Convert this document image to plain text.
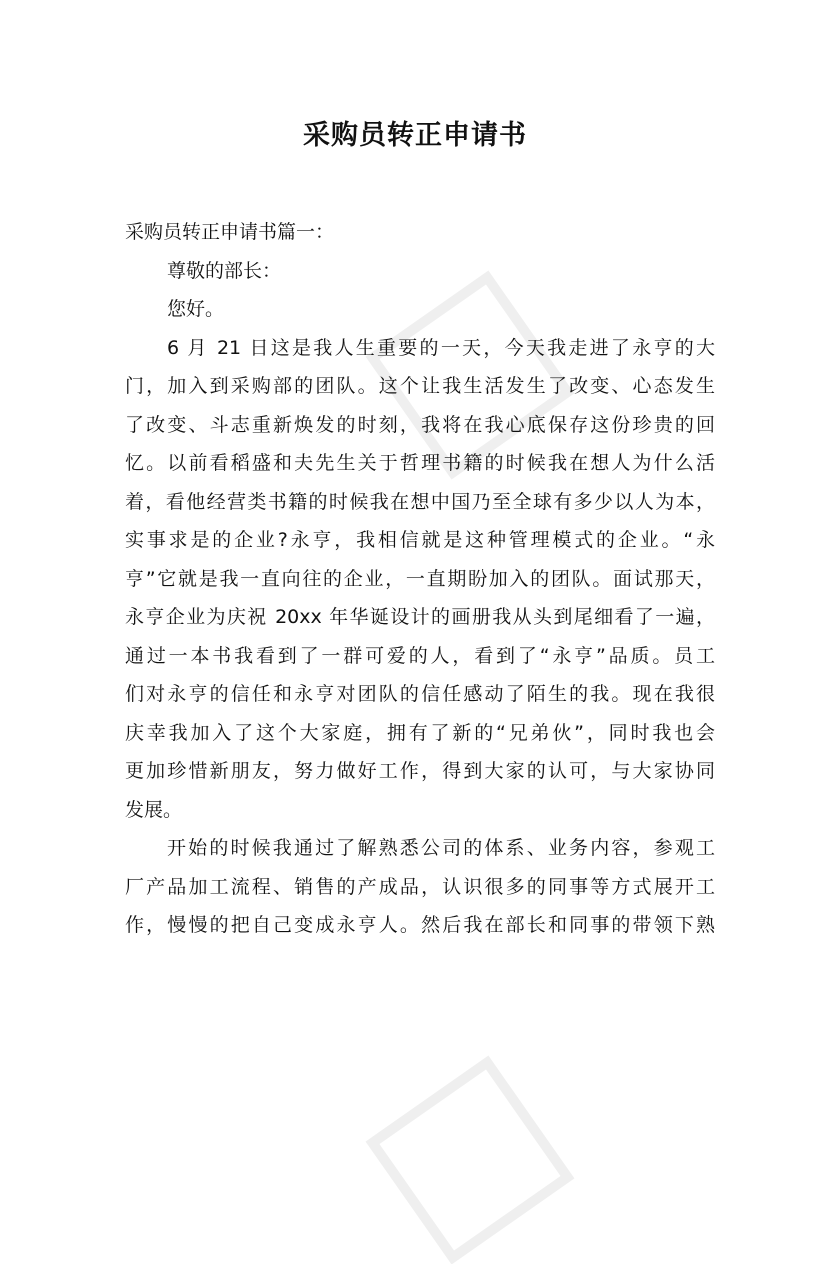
采购员转正申请书
采购员转正申请书篇一：
尊敬的部长：
您好。
6 月 21 日这是我人生重要的一天，今天我走进了永亨的大
门，加入到采购部的团队。这个让我生活发生了改变、心态发生
了改变、斗志重新焕发的时刻，我将在我心底保存这份珍贵的回
忆。以前看稻盛和夫先生关于哲理书籍的时候我在想人为什么活
着，看他经营类书籍的时候我在想中国乃至全球有多少以人为本，
实事求是的企业?永亨，我相信就是这种管理模式的企业。“永
亨”它就是我一直向往的企业，一直期盼加入的团队。面试那天，
永亨企业为庆祝 20xx 年华诞设计的画册我从头到尾细看了一遍，
通过一本书我看到了一群可爱的人，看到了“永亨”品质。员工
们对永亨的信任和永亨对团队的信任感动了陌生的我。现在我很
庆幸我加入了这个大家庭，拥有了新的“兄弟伙”，同时我也会
更加珍惜新朋友，努力做好工作，得到大家的认可，与大家协同
发展。
开始的时候我通过了解熟悉公司的体系、业务内容，参观工
厂产品加工流程、销售的产成品，认识很多的同事等方式展开工
作，慢慢的把自己变成永亨人。然后我在部长和同事的带领下熟
